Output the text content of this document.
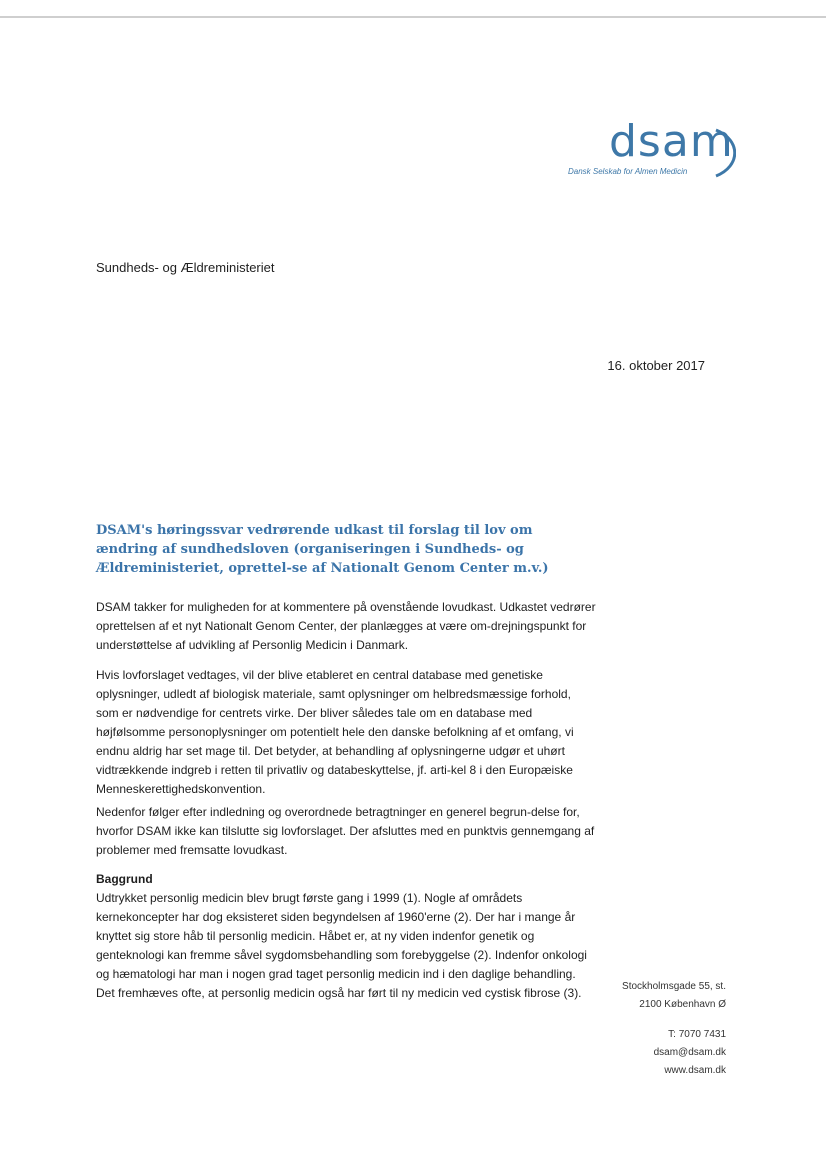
dsam
Dansk Selskab for Almen Medicin
Sundheds- og Ældreministeriet
16. oktober 2017
DSAM's høringssvar vedrørende udkast til forslag til lov om ændring af sundhedsloven (organiseringen i Sundheds- og Ældreministeriet, oprettel-se af Nationalt Genom Center m.v.)

DSAM takker for muligheden for at kommentere på ovenstående lovudkast. Udkastet vedrører oprettelsen af et nyt Nationalt Genom Center, der planlægges at være om-drejningspunkt for understøttelse af udvikling af Personlig Medicin i Danmark.

Hvis lovforslaget vedtages, vil der blive etableret en central database med genetiske oplysninger, udledt af biologisk materiale, samt oplysninger om helbredsmæssige forhold, som er nødvendige for centrets virke. Der bliver således tale om en database med højfølsomme personoplysninger om potentielt hele den danske befolkning af et omfang, vi endnu aldrig har set mage til. Det betyder, at behandling af oplysningerne udgør et uhørt vidtrækkende indgreb i retten til privatliv og databeskyttelse, jf. arti-kel 8 i den Europæiske Menneskerettighedskonvention.

Nedenfor følger efter indledning og overordnede betragtninger en generel begrun-delse for, hvorfor DSAM ikke kan tilslutte sig lovforslaget. Der afsluttes med en punktvis gennemgang af problemer med fremsatte lovudkast.

Baggrund

Udtrykket personlig medicin blev brugt første gang i 1999 (1). Nogle af områdets kernekoncepter har dog eksisteret siden begyndelsen af 1960'erne (2). Der har i mange år knyttet sig store håb til personlig medicin. Håbet er, at ny viden indenfor genetik og genteknologi kan fremme såvel sygdomsbehandling som forebyggelse (2). Indenfor onkologi og hæmatologi har man i nogen grad taget personlig medicin ind i den daglige behandling. Det fremhæves ofte, at personlig medicin også har ført til ny medicin ved cystisk fibrose (3).	Stockholmsgade 55, st.
2100 København Ø
T: 7070 7431
dsam@dsam.dk
www.dsam.dk
